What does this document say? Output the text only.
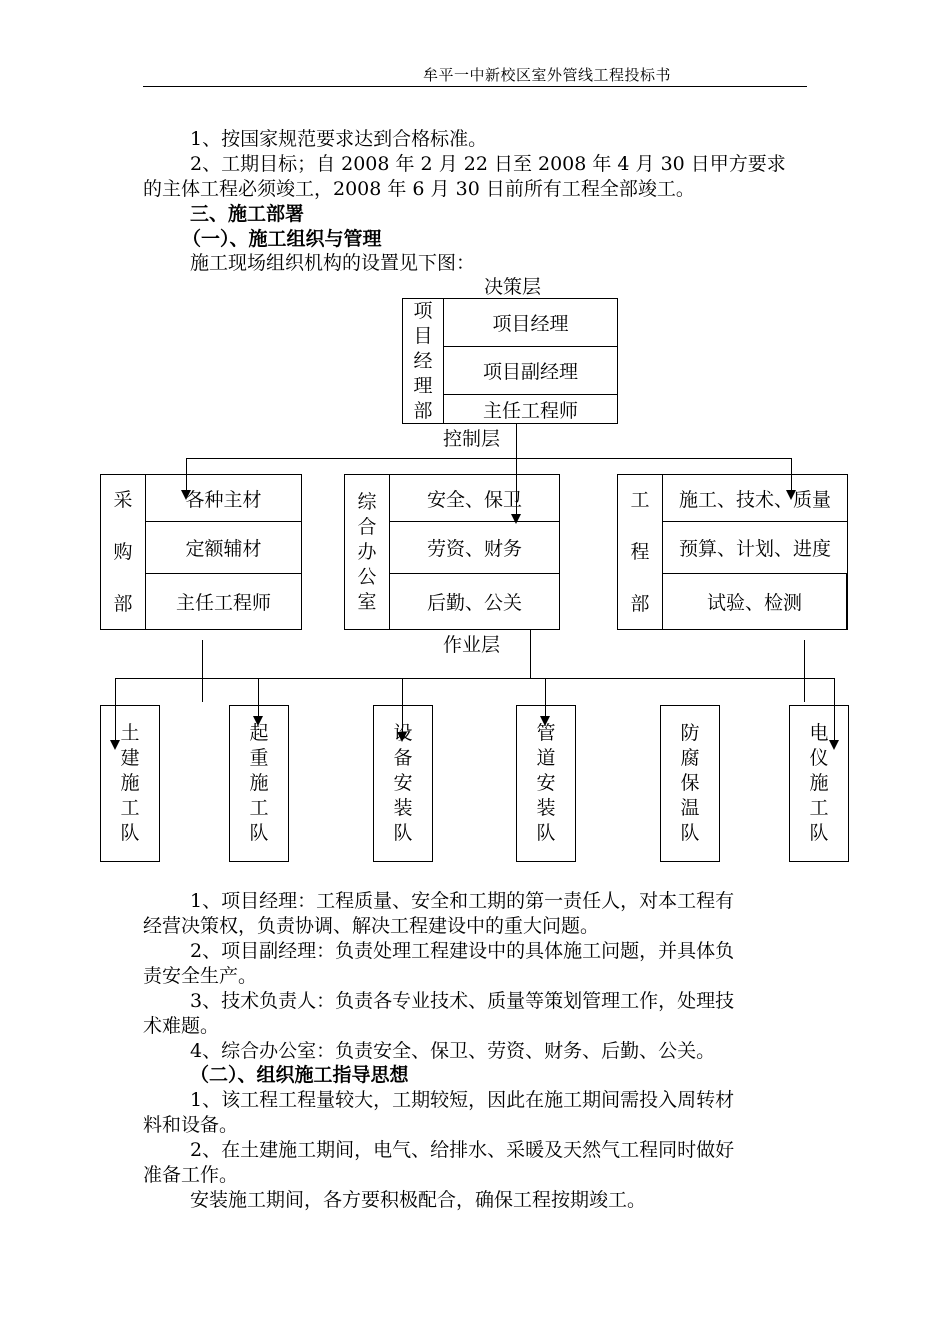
牟平一中新校区室外管线工程投标书
1、按国家规范要求达到合格标准。
2、工期目标；自 2008 年 2 月 22 日至 2008 年 4 月 30 日甲方要求
的主体工程必须竣工，2008 年 6 月 30 日前所有工程全部竣工。
三、施工部署
（一）、施工组织与管理
施工现场组织机构的设置见下图：
决策层
项
目
经
理
部
项目经理
项目副经理
主任工程师
控制层
采
购
部
各种主材
定额辅材
主任工程师
综
合
办
公
室
安全、保卫
劳资、财务
后勤、公关
工
程
部
施工、技术、质量
预算、计划、进度
试验、检测
作业层
土
建
施
工
队
起
重
施
工
队
设
备
安
装
队
管
道
安
装
队
防
腐
保
温
队
电
仪
施
工
队
1、项目经理：工程质量、安全和工期的第一责任人，对本工程有
经营决策权，负责协调、解决工程建设中的重大问题。
2、项目副经理：负责处理工程建设中的具体施工问题，并具体负
责安全生产。
3、技术负责人：负责各专业技术、质量等策划管理工作，处理技
术难题。
4、综合办公室：负责安全、保卫、劳资、财务、后勤、公关。
（二）、组织施工指导思想
1、该工程工程量较大，工期较短，因此在施工期间需投入周转材
料和设备。
2、在土建施工期间，电气、给排水、采暖及天然气工程同时做好
准备工作。
安装施工期间，各方要积极配合，确保工程按期竣工。
